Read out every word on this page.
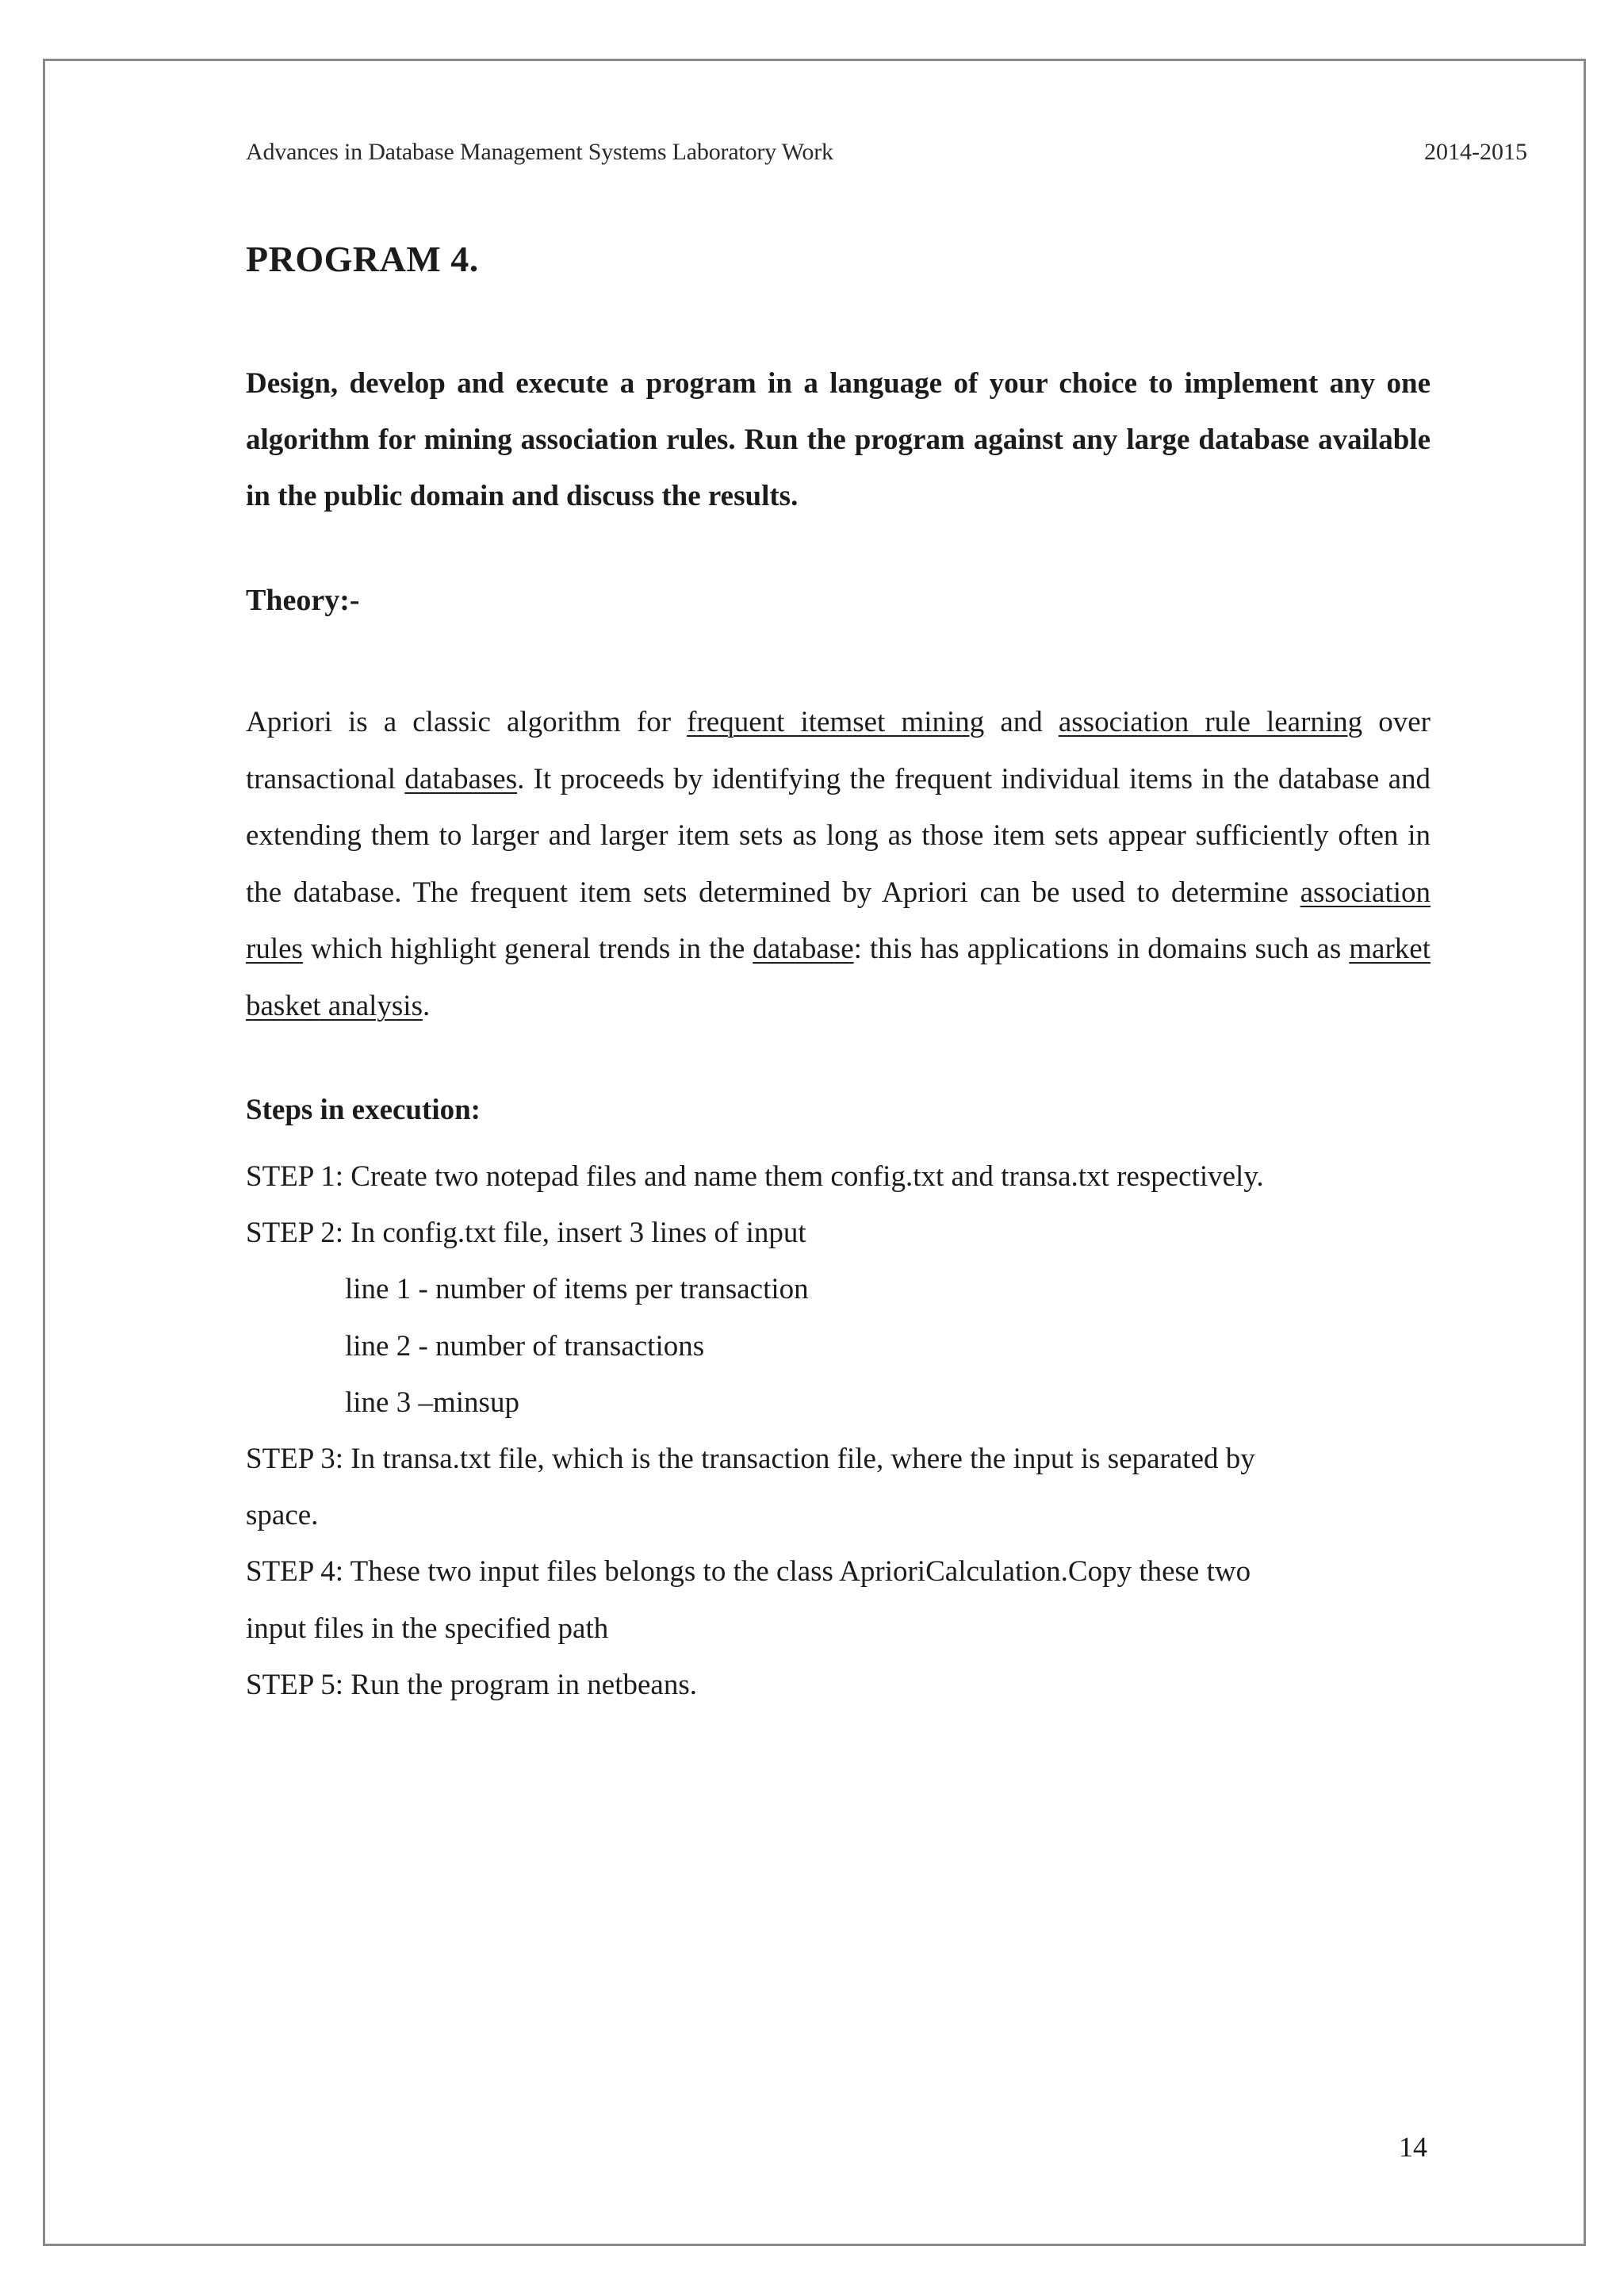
Advances in Database Management Systems Laboratory Work	2014-2015
PROGRAM 4.
Design, develop and execute a program in a language of your choice to implement any one algorithm for mining association rules. Run the program against any large database available in the public domain and discuss the results.
Theory:-
Apriori is a classic algorithm for frequent itemset mining and association rule learning over transactional databases. It proceeds by identifying the frequent individual items in the database and extending them to larger and larger item sets as long as those item sets appear sufficiently often in the database. The frequent item sets determined by Apriori can be used to determine association rules which highlight general trends in the database: this has applications in domains such as market basket analysis.
Steps in execution:
STEP 1: Create two notepad files and name them config.txt and transa.txt respectively.
STEP 2: In config.txt file, insert 3 lines of input
line 1 - number of items per transaction
line 2 - number of transactions
line 3 –minsup
STEP 3: In transa.txt file, which is the transaction file, where the input is separated by
space.
STEP 4: These two input files belongs to the class AprioriCalculation.Copy these two
input files in the specified path
STEP 5: Run the program in netbeans.
14
